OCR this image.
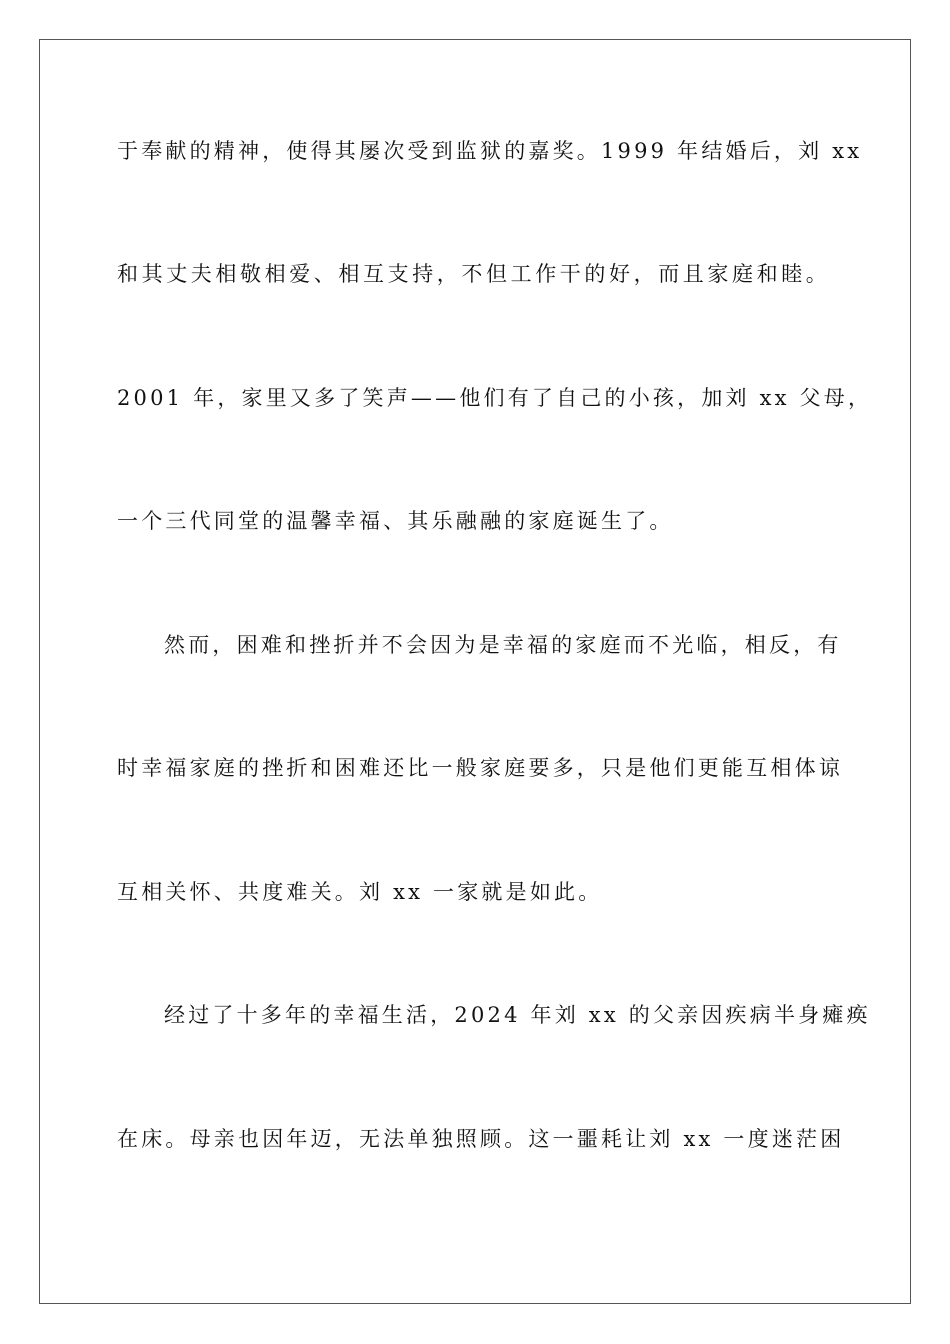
于奉献的精神，使得其屡次受到监狱的嘉奖。1999 年结婚后，刘 xx

和其丈夫相敬相爱、相互支持，不但工作干的好，而且家庭和睦。

2001 年，家里又多了笑声——他们有了自己的小孩，加刘 xx 父母，

一个三代同堂的温馨幸福、其乐融融的家庭诞生了。

然而，困难和挫折并不会因为是幸福的家庭而不光临，相反，有

时幸福家庭的挫折和困难还比一般家庭要多，只是他们更能互相体谅

互相关怀、共度难关。刘 xx 一家就是如此。

经过了十多年的幸福生活，2024 年刘 xx 的父亲因疾病半身瘫痪

在床。母亲也因年迈，无法单独照顾。这一噩耗让刘 xx 一度迷茫困
